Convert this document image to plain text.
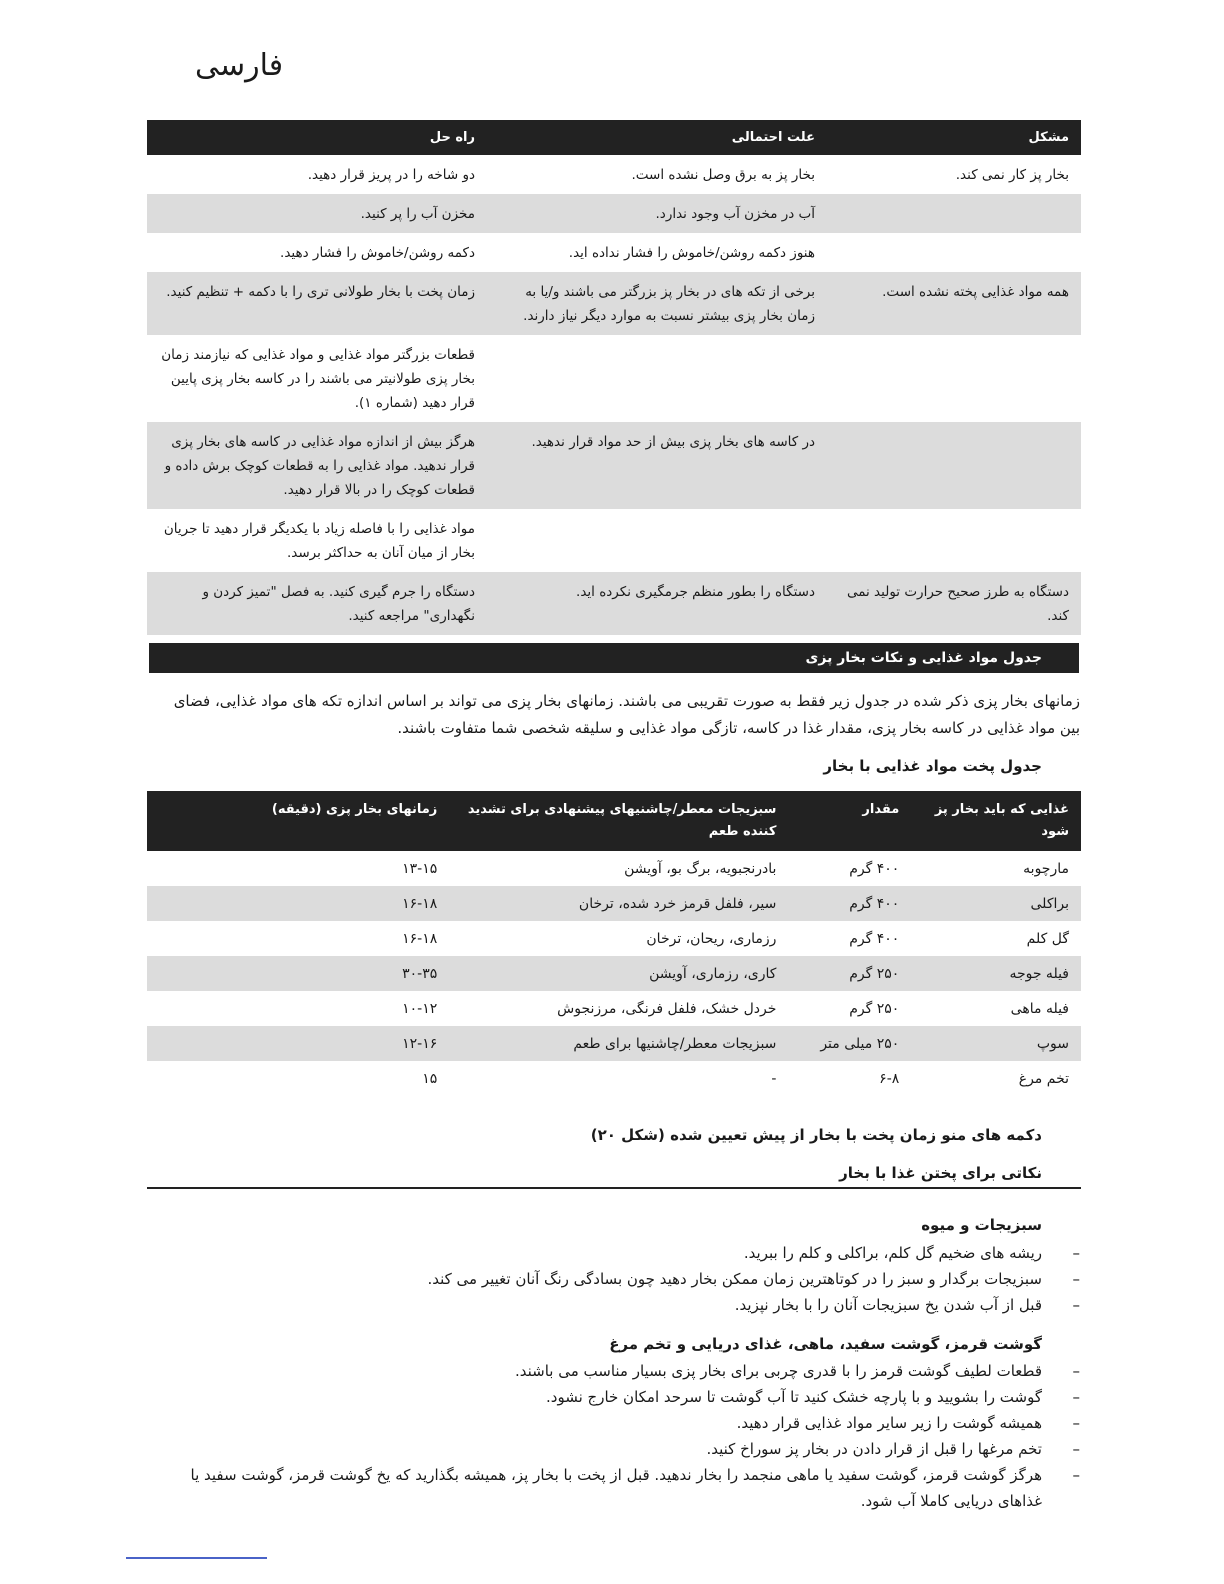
فارسی
مشکل	علت احتمالی	راه حل
بخار پز کار نمی کند.	بخار پز به برق وصل نشده است.	دو شاخه را در پریز قرار دهید.
	آب در مخزن آب وجود ندارد.	مخزن آب را پر کنید.
	هنوز دکمه روشن/خاموش را فشار نداده اید.	دکمه روشن/خاموش را فشار دهید.
همه مواد غذایی پخته نشده است.	برخی از تکه های در بخار پز بزرگتر می باشند و/یا به زمان بخار پزی بیشتر نسبت به موارد دیگر نیاز دارند.	زمان پخت با بخار طولانی تری را با دکمه + تنظیم کنید.
		قطعات بزرگتر مواد غذایی و مواد غذایی که نیازمند زمان بخار پزی طولانیتر می باشند را در کاسه بخار پزی پایین قرار دهید (شماره ۱).
	در کاسه های بخار پزی بیش از حد مواد قرار ندهید.	هرگز بیش از اندازه مواد غذایی در کاسه های بخار پزی قرار ندهید. مواد غذایی را به قطعات کوچک برش داده و قطعات کوچک را در بالا قرار دهید.
		مواد غذایی را با فاصله زیاد با یکدیگر قرار دهید تا جریان بخار از میان آنان به حداکثر برسد.
دستگاه به طرز صحیح حرارت تولید نمی کند.	دستگاه را بطور منظم جرمگیری نکرده اید.	دستگاه را جرم گیری کنید. به فصل "تمیز کردن و نگهداری" مراجعه کنید.
جدول مواد غذایی و نکات بخار پزی
زمانهای بخار پزی ذکر شده در جدول زیر فقط به صورت تقریبی می باشند. زمانهای بخار پزی می تواند بر اساس اندازه تکه های مواد غذایی، فضای بین مواد غذایی در کاسه بخار پزی، مقدار غذا در کاسه، تازگی مواد غذایی و سلیقه شخصی شما متفاوت باشند.
جدول پخت مواد غذایی با بخار
غذایی که باید بخار پز شود	مقدار	سبزیجات معطر/چاشنیهای پیشنهادی برای تشدید کننده طعم	زمانهای بخار پزی (دقیقه)
مارچوبه	۴۰۰ گرم	بادرنجبویه، برگ بو، آویشن	۱۳-۱۵
براکلی	۴۰۰ گرم	سیر، فلفل قرمز خرد شده، ترخان	۱۶-۱۸
گل کلم	۴۰۰ گرم	رزماری، ریحان، ترخان	۱۶-۱۸
فیله جوجه	۲۵۰ گرم	کاری، رزماری، آویشن	۳۰-۳۵
فیله ماهی	۲۵۰ گرم	خردل خشک، فلفل فرنگی، مرزنجوش	۱۰-۱۲
سوپ	۲۵۰ میلی متر	سبزیجات معطر/چاشنیها برای طعم	۱۲-۱۶
تخم مرغ	۶-۸	-	۱۵
دکمه های منو زمان پخت با بخار از پیش تعیین شده (شکل ۲۰)
نکاتی برای پختن غذا با بخار
سبزیجات و میوه
–
ریشه های ضخیم گل کلم، براکلی و کلم را ببرید.
–
سبزیجات برگدار و سبز را در کوتاهترین زمان ممکن بخار دهید چون بسادگی رنگ آنان تغییر می کند.
–
قبل از آب شدن یخ سبزیجات آنان را با بخار نپزید.
گوشت قرمز، گوشت سفید، ماهی، غذای دریایی و تخم مرغ
–
قطعات لطیف گوشت قرمز را با قدری چربی برای بخار پزی بسیار مناسب می باشند.
–
گوشت را بشویید و با پارچه خشک کنید تا آب گوشت تا سرحد امکان خارج نشود.
–
همیشه گوشت را زیر سایر مواد غذایی قرار دهید.
–
تخم مرغها را قبل از قرار دادن در بخار پز سوراخ کنید.
–
هرگز گوشت قرمز، گوشت سفید یا ماهی منجمد را بخار ندهید. قبل از پخت با بخار پز، همیشه بگذارید که یخ گوشت قرمز، گوشت سفید یا غذاهای دریایی کاملا آب شود.
